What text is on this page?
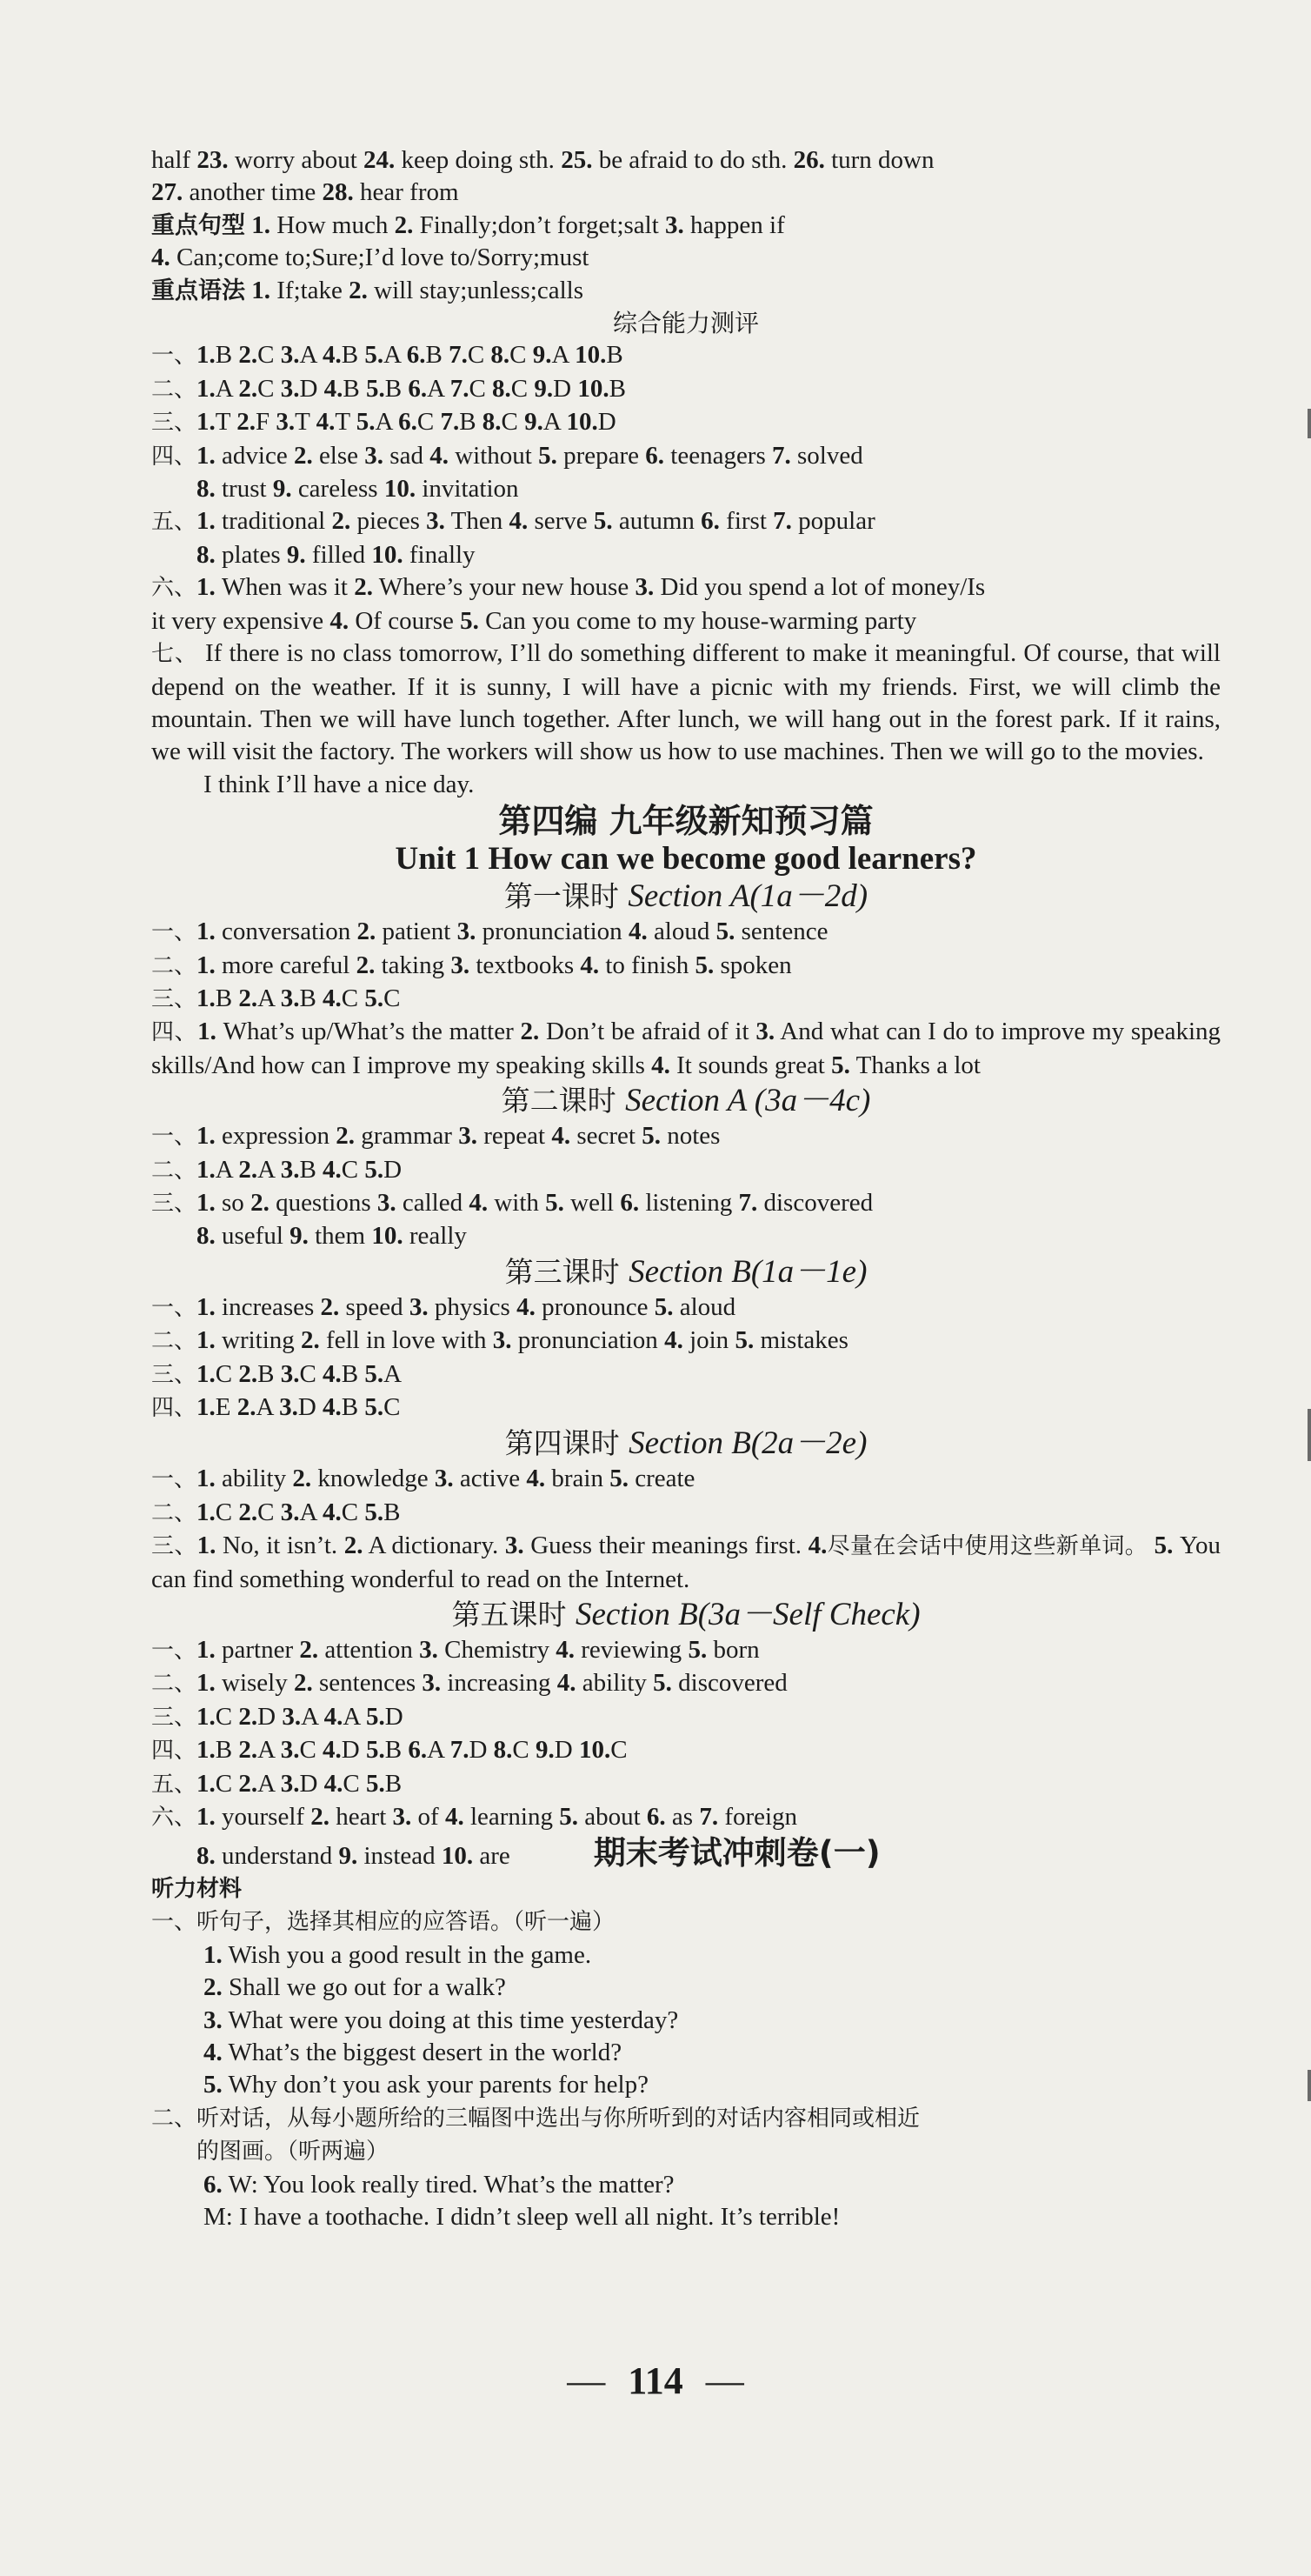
half 23. worry about 24. keep doing sth. 25. be afraid to do sth. 26. turn down
27. another time 28. hear from
重点句型 1. How much 2. Finally;don’t forget;salt 3. happen if
4. Can;come to;Sure;I’d love to/Sorry;must
重点语法 1. If;take 2. will stay;unless;calls
综合能力测评
一、1.B 2.C 3.A 4.B 5.A 6.B 7.C 8.C 9.A 10.B
二、1.A 2.C 3.D 4.B 5.B 6.A 7.C 8.C 9.D 10.B
三、1.T 2.F 3.T 4.T 5.A 6.C 7.B 8.C 9.A 10.D
四、1. advice 2. else 3. sad 4. without 5. prepare 6. teenagers 7. solved
8. trust 9. careless 10. invitation
五、1. traditional 2. pieces 3. Then 4. serve 5. autumn 6. first 7. popular
8. plates 9. filled 10. finally
六、1. When was it 2. Where’s your new house 3. Did you spend a lot of money/Is
it very expensive 4. Of course 5. Can you come to my house-warming party
七、 If there is no class tomorrow, I’ll do something different to make it meaningful. Of course, that will depend on the weather. If it is sunny, I will have a picnic with my friends. First, we will climb the mountain. Then we will have lunch together. After lunch, we will hang out in the forest park. If it rains, we will visit the factory. The workers will show us how to use machines. Then we will go to the movies.
I think I’ll have a nice day.
第四编 九年级新知预习篇
Unit 1 How can we become good learners?
第一课时 Section A(1a－2d)
一、1. conversation 2. patient 3. pronunciation 4. aloud 5. sentence
二、1. more careful 2. taking 3. textbooks 4. to finish 5. spoken
三、1.B 2.A 3.B 4.C 5.C
四、1. What’s up/What’s the matter 2. Don’t be afraid of it 3. And what can I do to improve my speaking skills/And how can I improve my speaking skills 4. It sounds great 5. Thanks a lot
第二课时 Section A (3a－4c)
一、1. expression 2. grammar 3. repeat 4. secret 5. notes
二、1.A 2.A 3.B 4.C 5.D
三、1. so 2. questions 3. called 4. with 5. well 6. listening 7. discovered
8. useful 9. them 10. really
第三课时 Section B(1a－1e)
一、1. increases 2. speed 3. physics 4. pronounce 5. aloud
二、1. writing 2. fell in love with 3. pronunciation 4. join 5. mistakes
三、1.C 2.B 3.C 4.B 5.A
四、1.E 2.A 3.D 4.B 5.C
第四课时 Section B(2a－2e)
一、1. ability 2. knowledge 3. active 4. brain 5. create
二、1.C 2.C 3.A 4.C 5.B
三、1. No, it isn’t. 2. A dictionary. 3. Guess their meanings first. 4.尽量在会话中使用这些新单词。 5. You can find something wonderful to read on the Internet.
第五课时 Section B(3a－Self Check)
一、1. partner 2. attention 3. Chemistry 4. reviewing 5. born
二、1. wisely 2. sentences 3. increasing 4. ability 5. discovered
三、1.C 2.D 3.A 4.A 5.D
四、1.B 2.A 3.C 4.D 5.B 6.A 7.D 8.C 9.D 10.C
五、1.C 2.A 3.D 4.C 5.B
六、1. yourself 2. heart 3. of 4. learning 5. about 6. as 7. foreign
8. understand 9. instead 10. are	期末考试冲刺卷(一)
听力材料
一、听句子，选择其相应的应答语。（听一遍）
1. Wish you a good result in the game.
2. Shall we go out for a walk?
3. What were you doing at this time yesterday?
4. What’s the biggest desert in the world?
5. Why don’t you ask your parents for help?
二、听对话，从每小题所给的三幅图中选出与你所听到的对话内容相同或相近
的图画。（听两遍）
6. W: You look really tired. What’s the matter?
M: I have a toothache. I didn’t sleep well all night. It’s terrible!
— 114 —
